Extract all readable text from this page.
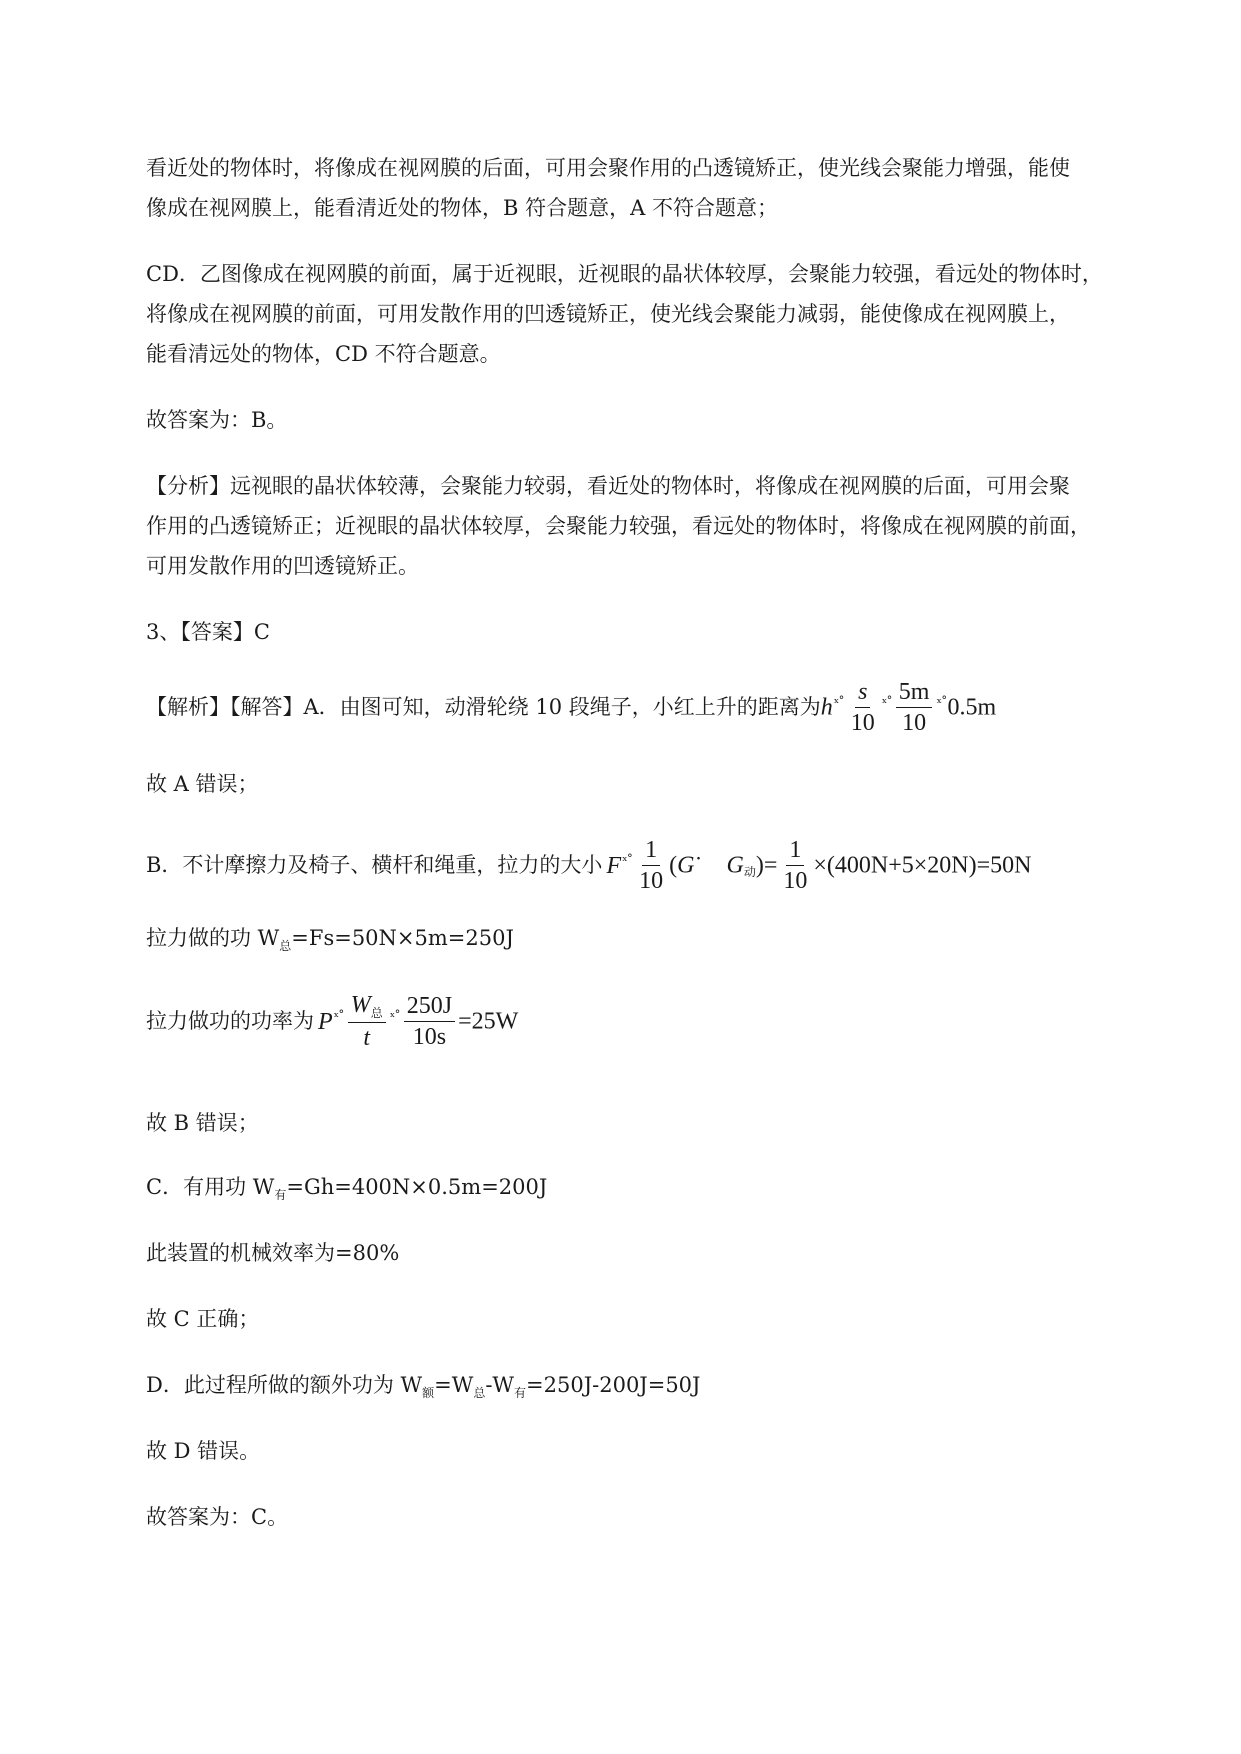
看近处的物体时，将像成在视网膜的后面，可用会聚作用的凸透镜矫正，使光线会聚能力增强，能使
像成在视网膜上，能看清近处的物体，B 符合题意，A 不符合题意；
CD．乙图像成在视网膜的前面，属于近视眼，近视眼的晶状体较厚，会聚能力较强，看远处的物体时，
将像成在视网膜的前面，可用发散作用的凹透镜矫正，使光线会聚能力减弱，能使像成在视网膜上，
能看清远处的物体，CD 不符合题意。
故答案为：B。
【分析】远视眼的晶状体较薄，会聚能力较弱，看近处的物体时，将像成在视网膜的后面，可用会聚
作用的凸透镜矫正；近视眼的晶状体较厚，会聚能力较强，看远处的物体时，将像成在视网膜的前面，
可用发散作用的凹透镜矫正。
3、【答案】C
【解析】【解答】A．由图可知，动滑轮绕 10 段绳子，小红上升的距离为$h^{ˣ˚} \frac{s}{10} ^{ˣ˚} \frac{5m}{10} ^{ˣ˚}0.5m$
故 A 错误；
B．不计摩擦力及椅子、横杆和绳重，拉力的大小 $F^{ˣ˚} \frac{1}{10}$ (G˙ $G_动)= \frac{1}{10} \times(400N+5\times 20N)=50N$
拉力做的功 $W_总=Fs=50N\times 5m=250J$
拉力做功的功率为 $P^{ˣ˚} \frac{W_总}{t} ^{ˣ˚} \frac{250J}{10s} =25W$
故 B 错误；
C．有用功 $W_有=Gh=400N\times 0.5m=200J$
此装置的机械效率为=80%
故 C 正确；
D．此过程所做的额外功为 $W_额=W_总-W_有=250J-200J=50J$
故 D 错误。
故答案为：C。
